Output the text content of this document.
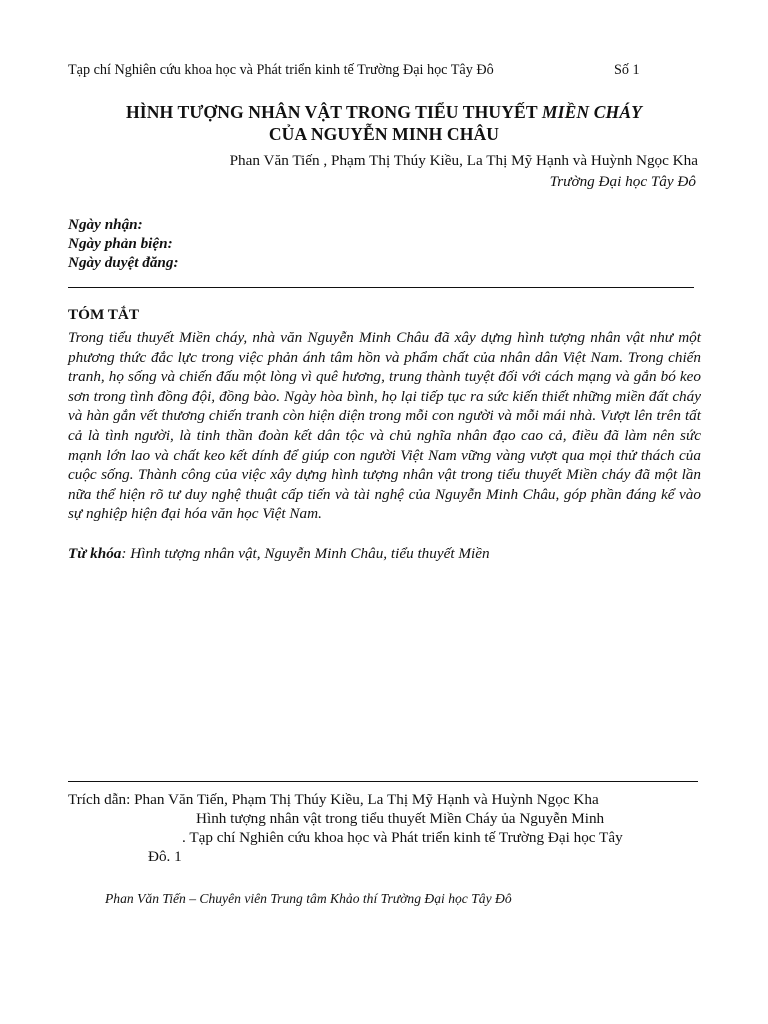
Tạp chí Nghiên cứu khoa học và Phát triển kinh tế Trường Đại học Tây Đô	Số 1
HÌNH TƯỢNG NHÂN VẬT TRONG TIỂU THUYẾT MIỀN CHÁY
CỦA NGUYỄN MINH CHÂU
Phan Văn Tiến , Phạm Thị Thúy Kiều, La Thị Mỹ Hạnh và Huỳnh Ngọc Kha
Trường Đại học Tây Đô
Ngày nhận:
Ngày phản biện:
Ngày duyệt đăng:
TÓM TẮT
Trong tiểu thuyết Miền cháy, nhà văn Nguyễn Minh Châu đã xây dựng hình tượng nhân vật như một phương thức đắc lực trong việc phản ánh tâm hồn và phẩm chất của nhân dân Việt Nam. Trong chiến tranh, họ sống và chiến đấu một lòng vì quê hương, trung thành tuyệt đối với cách mạng và gắn bó keo sơn trong tình đồng đội, đồng bào. Ngày hòa bình, họ lại tiếp tục ra sức kiến thiết những miền đất cháy và hàn gắn vết thương chiến tranh còn hiện diện trong mỗi con người và mỗi mái nhà. Vượt lên trên tất cả là tình người, là tinh thần đoàn kết dân tộc và chủ nghĩa nhân đạo cao cả, điều đã làm nên sức mạnh lớn lao và chất keo kết dính để giúp con người Việt Nam vững vàng vượt qua mọi thử thách của cuộc sống. Thành công của việc xây dựng hình tượng nhân vật trong tiểu thuyết Miền cháy đã một lần nữa thể hiện rõ tư duy nghệ thuật cấp tiến và tài nghệ của Nguyễn Minh Châu, góp phần đáng kể vào sự nghiệp hiện đại hóa văn học Việt Nam.
Từ khóa: Hình tượng nhân vật, Nguyễn Minh Châu, tiểu thuyết Miền
Trích dẫn: Phan Văn Tiến, Phạm Thị Thúy Kiều, La Thị Mỹ Hạnh và Huỳnh Ngọc Kha
Hình tượng nhân vật trong tiểu thuyết Miền Cháy ủa Nguyễn Minh
. Tạp chí Nghiên cứu khoa học và Phát triển kinh tế Trường Đại học Tây
Đô. 1
Phan Văn Tiến – Chuyên viên Trung tâm Khảo thí Trường Đại học Tây Đô
